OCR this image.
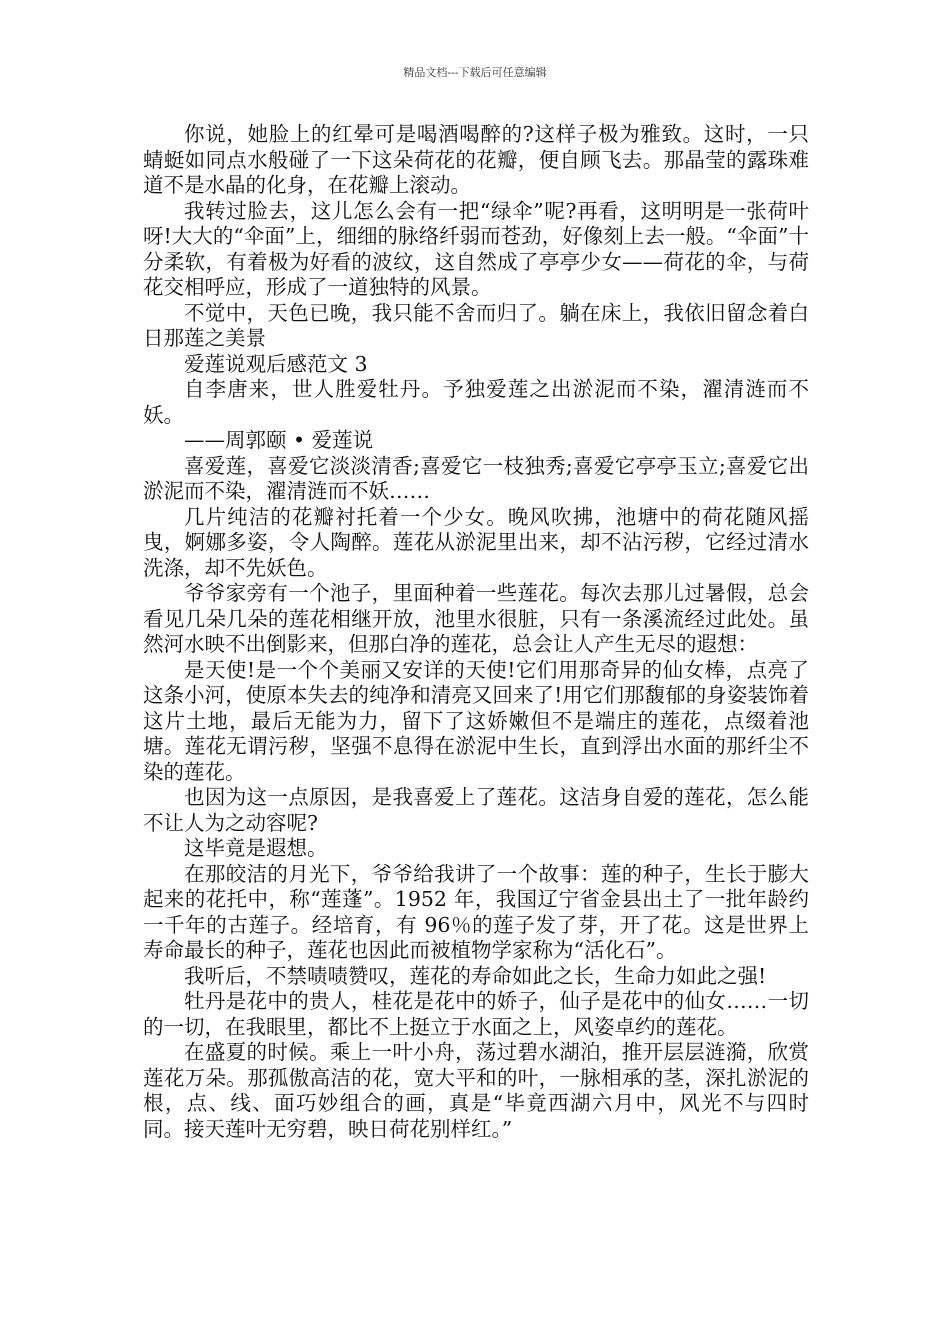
精品文档---下载后可任意编辑

你说，她脸上的红晕可是喝酒喝醉的?这样子极为雅致。这时，一只蜻蜓如同点水般碰了一下这朵荷花的花瓣，便自顾飞去。那晶莹的露珠难道不是水晶的化身，在花瓣上滚动。

我转过脸去，这儿怎么会有一把“绿伞”呢?再看，这明明是一张荷叶呀!大大的“伞面”上，细细的脉络纤弱而苍劲，好像刻上去一般。“伞面”十分柔软，有着极为好看的波纹，这自然成了亭亭少女——荷花的伞，与荷花交相呼应，形成了一道独特的风景。

不觉中，天色已晚，我只能不舍而归了。躺在床上，我依旧留念着白日那莲之美景

爱莲说观后感范文 3

自李唐来，世人胜爱牡丹。予独爱莲之出淤泥而不染，濯清涟而不妖。

——周郭颐 • 爱莲说

喜爱莲，喜爱它淡淡清香;喜爱它一枝独秀;喜爱它亭亭玉立;喜爱它出淤泥而不染，濯清涟而不妖……

几片纯洁的花瓣衬托着一个少女。晚风吹拂，池塘中的荷花随风摇曳，婀娜多姿，令人陶醉。莲花从淤泥里出来，却不沾污秽，它经过清水洗涤，却不先妖色。

爷爷家旁有一个池子，里面种着一些莲花。每次去那儿过暑假，总会看见几朵几朵的莲花相继开放，池里水很脏，只有一条溪流经过此处。虽然河水映不出倒影来，但那白净的莲花，总会让人产生无尽的遐想：

是天使!是一个个美丽又安详的天使!它们用那奇异的仙女棒，点亮了这条小河，使原本失去的纯净和清亮又回来了!用它们那馥郁的身姿装饰着这片土地，最后无能为力，留下了这娇嫩但不是端庄的莲花，点缀着池塘。莲花无谓污秽，坚强不息得在淤泥中生长，直到浮出水面的那纤尘不染的莲花。

也因为这一点原因，是我喜爱上了莲花。这洁身自爱的莲花，怎么能不让人为之动容呢?

这毕竟是遐想。

在那皎洁的月光下，爷爷给我讲了一个故事：莲的种子，生长于膨大起来的花托中，称“莲蓬”。1952 年，我国辽宁省金县出土了一批年龄约一千年的古莲子。经培育，有 96％的莲子发了芽，开了花。这是世界上寿命最长的种子，莲花也因此而被植物学家称为“活化石”。

我听后，不禁啧啧赞叹，莲花的寿命如此之长，生命力如此之强!

牡丹是花中的贵人，桂花是花中的娇子，仙子是花中的仙女……一切的一切，在我眼里，都比不上挺立于水面之上，风姿卓约的莲花。

在盛夏的时候。乘上一叶小舟，荡过碧水湖泊，推开层层涟漪，欣赏莲花万朵。那孤傲高洁的花，宽大平和的叶，一脉相承的茎，深扎淤泥的根，点、线、面巧妙组合的画，真是“毕竟西湖六月中，风光不与四时同。接天莲叶无穷碧，映日荷花别样红。”
